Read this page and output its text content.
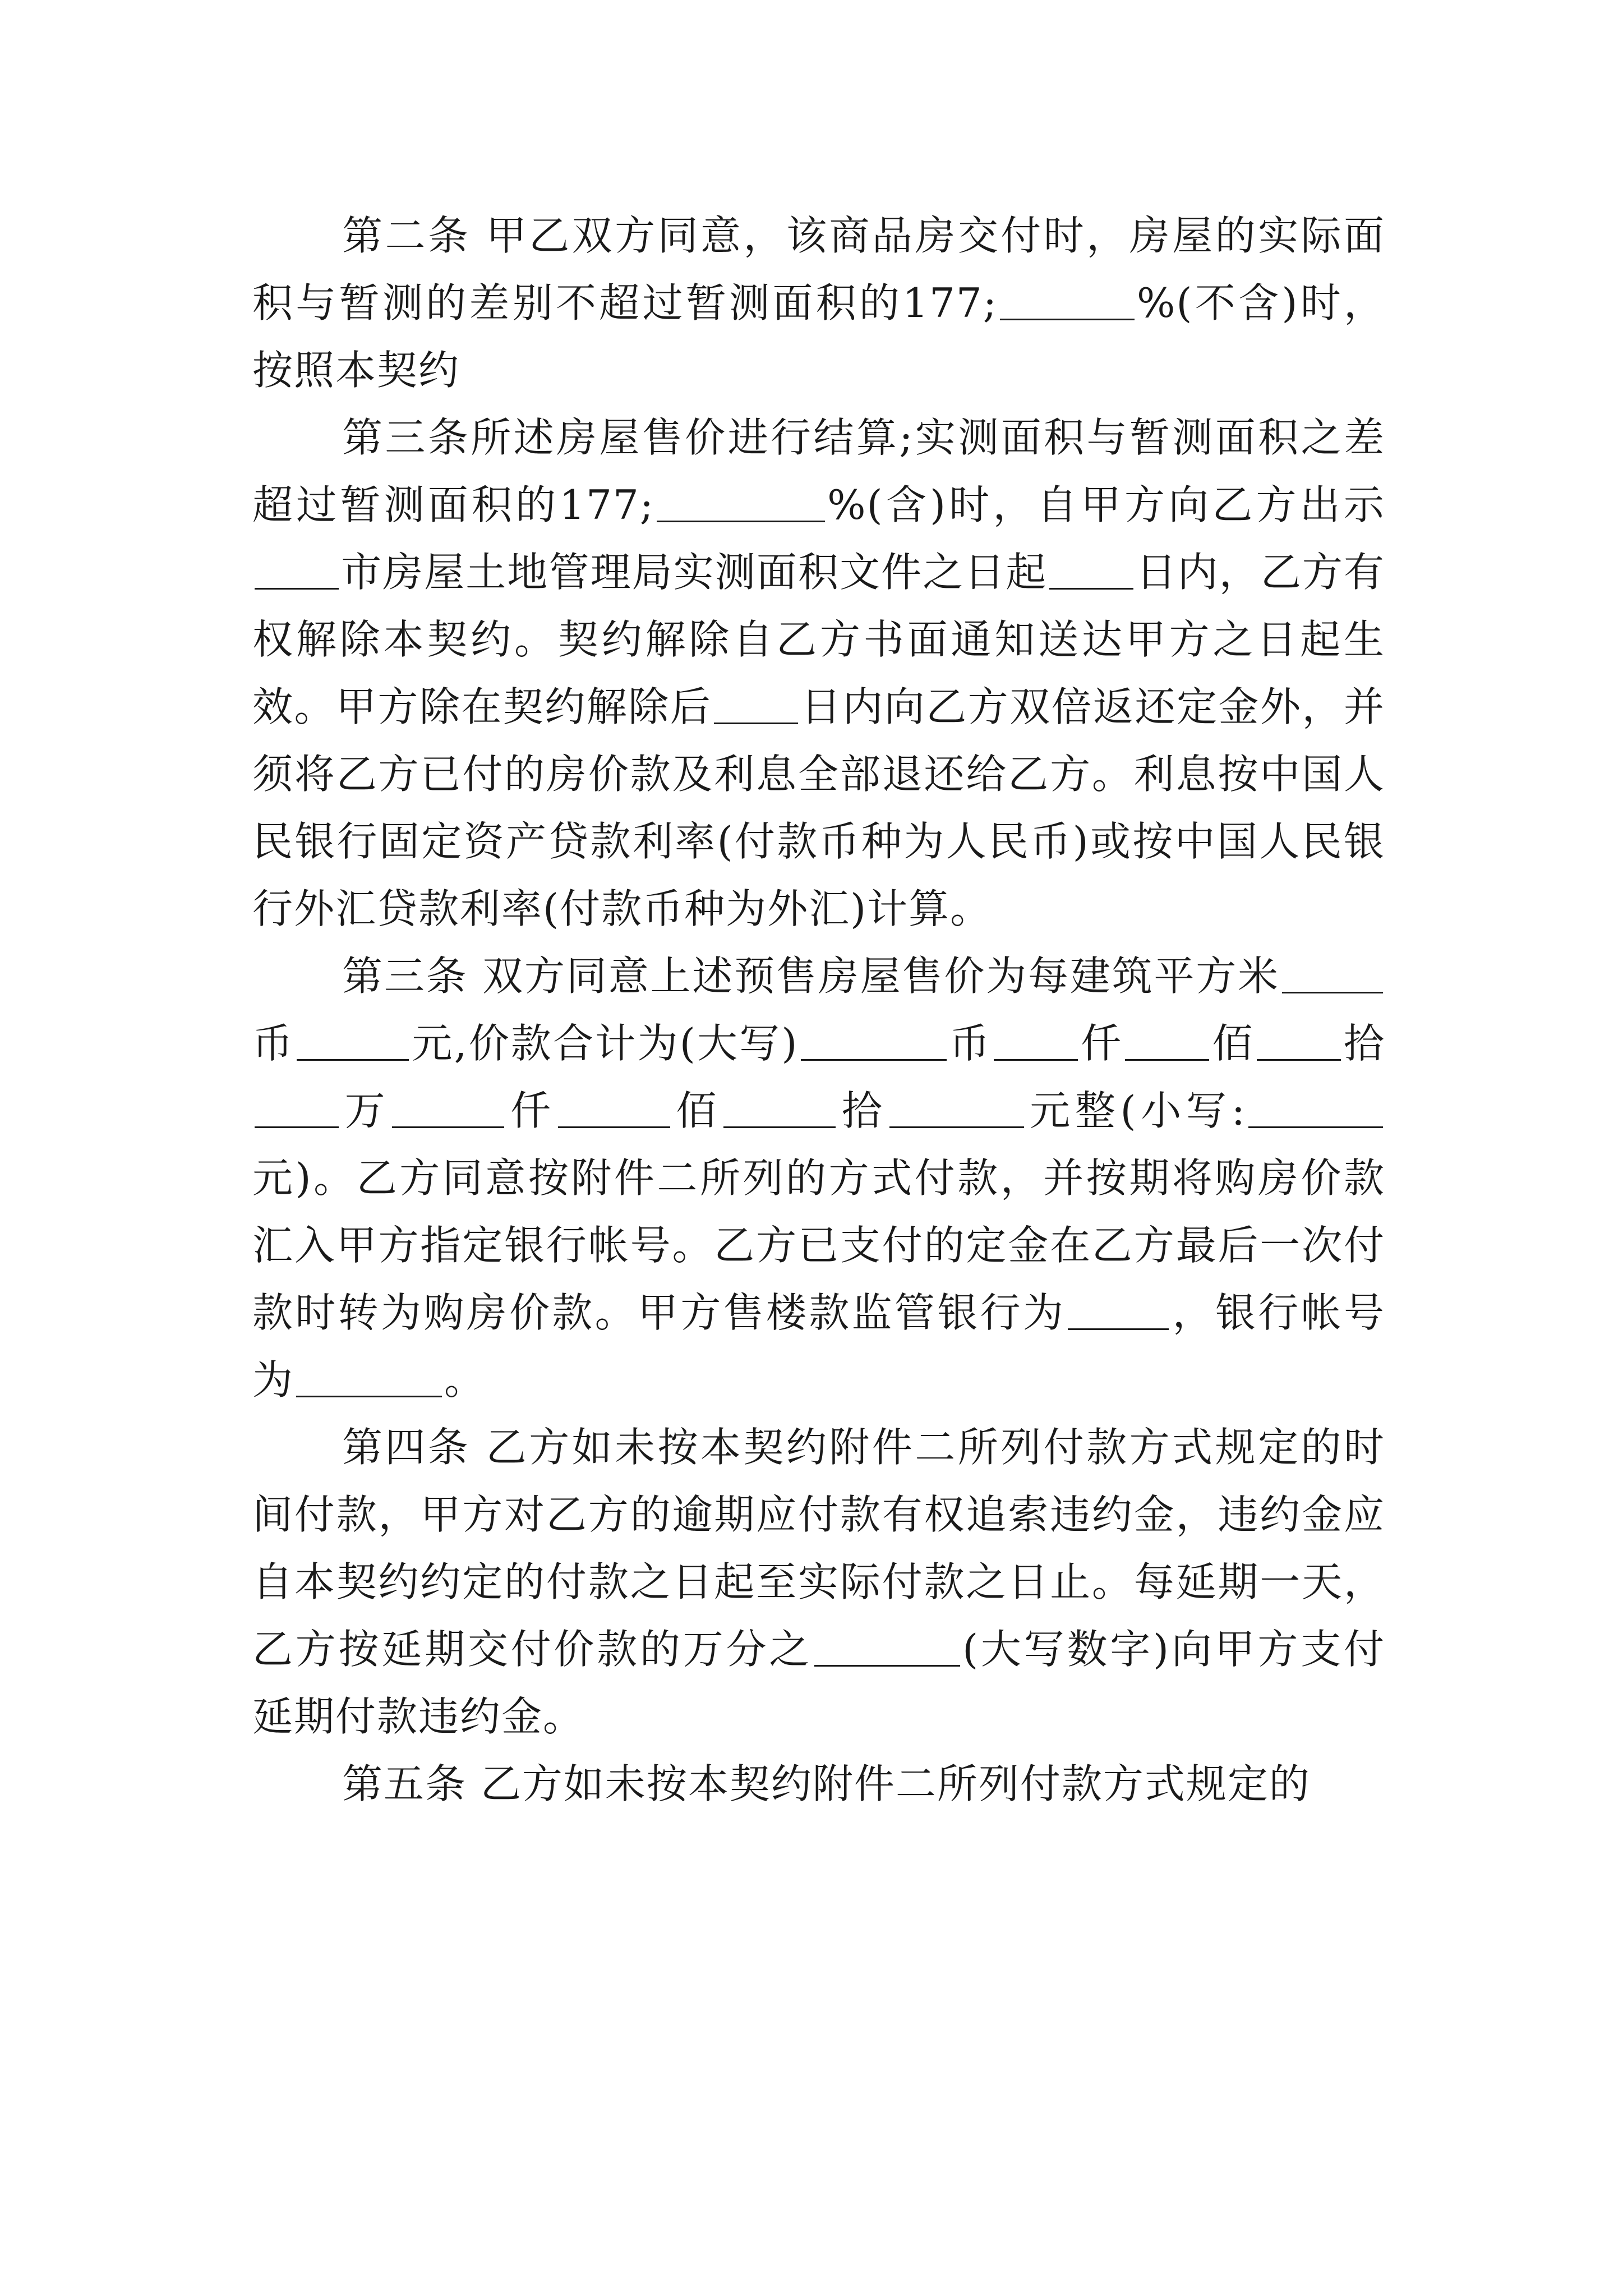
第二条 甲乙双方同意，该商品房交付时，房屋的实际面积与暂测的差别不超过暂测面积的177;	%(不含)时，按照本契约

第三条所述房屋售价进行结算;实测面积与暂测面积之差超过暂测面积的177;	%(含)时，自甲方向乙方出示市房屋土地管理局实测面积文件之日起 日内，乙方有权解除本契约。契约解除自乙方书面通知送达甲方之日起生效。甲方除在契约解除后 日内向乙方双倍返还定金外，并须将乙方已付的房价款及利息全部退还给乙方。利息按中国人民银行固定资产贷款利率(付款币种为人民币)或按中国人民银行外汇贷款利率(付款币种为外汇)计算。

第三条 双方同意上述预售房屋售价为每建筑平方米币	元,价款合计为(大写)	币 仟 佰 拾万	仟	佰	拾	元整(小写:元)。乙方同意按附件二所列的方式付款，并按期将购房价款汇入甲方指定银行帐号。乙方已支付的定金在乙方最后一次付款时转为购房价款。甲方售楼款监管银行为	，银行帐号为	。

第四条 乙方如未按本契约附件二所列付款方式规定的时间付款，甲方对乙方的逾期应付款有权追索违约金，违约金应自本契约约定的付款之日起至实际付款之日止。每延期一天，乙方按延期交付价款的万分之	(大写数字)向甲方支付延期付款违约金。

第五条 乙方如未按本契约附件二所列付款方式规定的
